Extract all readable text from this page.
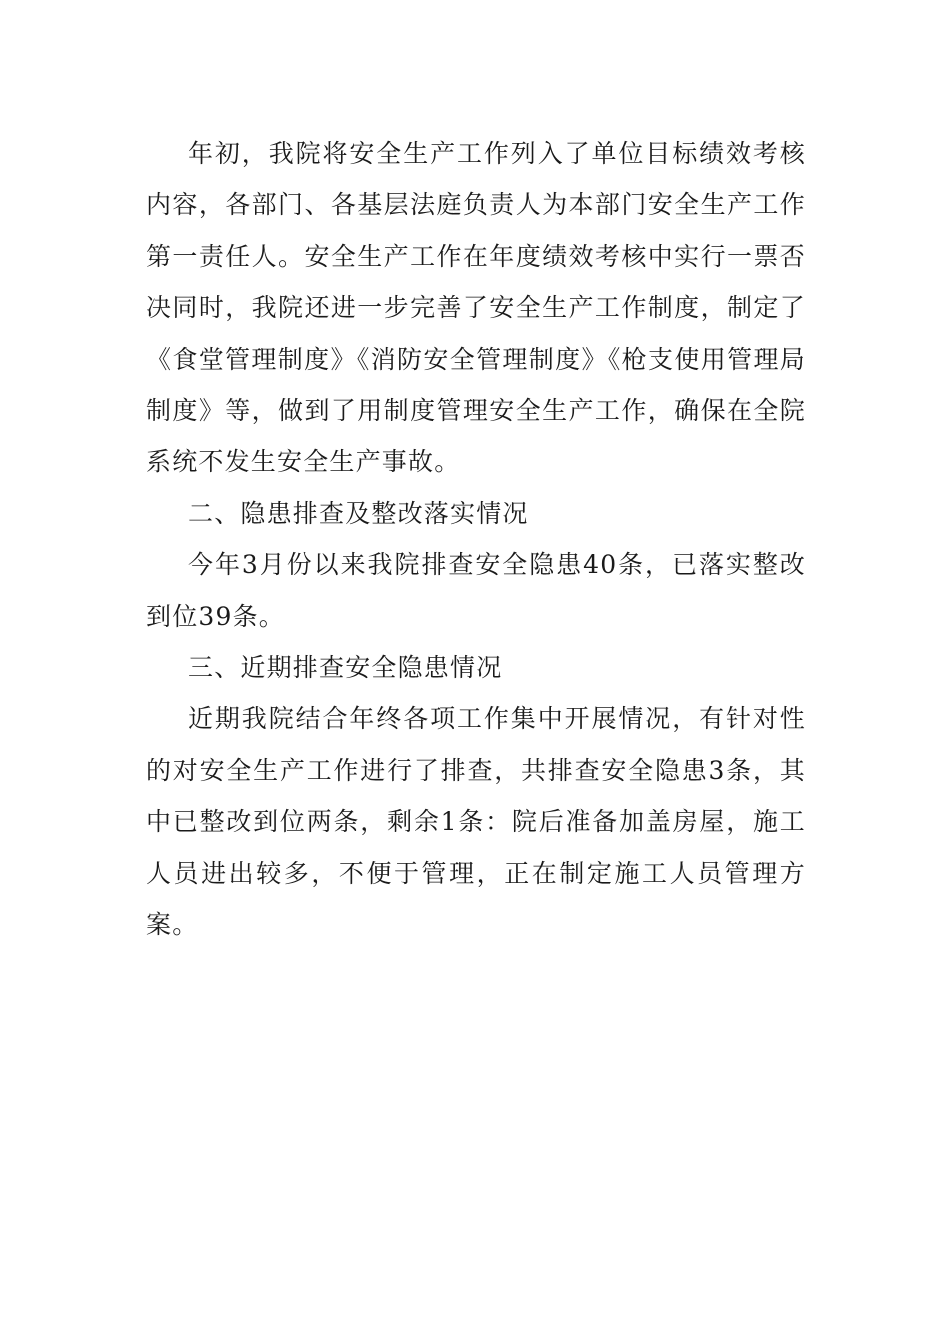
年初，我院将安全生产工作列入了单位目标绩效考核内容，各部门、各基层法庭负责人为本部门安全生产工作第一责任人。安全生产工作在年度绩效考核中实行一票否决同时，我院还进一步完善了安全生产工作制度，制定了《食堂管理制度》《消防安全管理制度》《枪支使用管理局制度》等，做到了用制度管理安全生产工作，确保在全院系统不发生安全生产事故。

二、隐患排查及整改落实情况

今年3月份以来我院排查安全隐患40条，已落实整改到位39条。

三、近期排查安全隐患情况

近期我院结合年终各项工作集中开展情况，有针对性的对安全生产工作进行了排查，共排查安全隐患3条，其中已整改到位两条，剩余1条：院后准备加盖房屋，施工人员进出较多，不便于管理，正在制定施工人员管理方案。
